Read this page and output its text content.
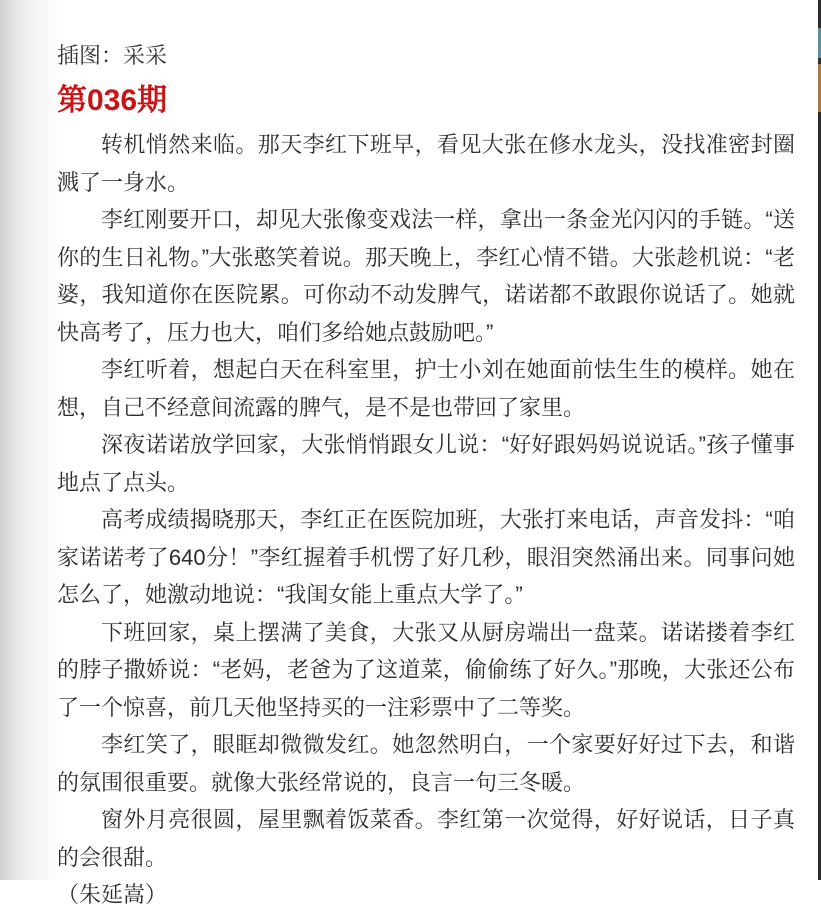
插图：采采

第036期

转机悄然来临。那天李红下班早，看见大张在修水龙头，没找准密封圈溅了一身水。

李红刚要开口，却见大张像变戏法一样，拿出一条金光闪闪的手链。“送你的生日礼物。”大张憨笑着说。那天晚上，李红心情不错。大张趁机说：“老婆，我知道你在医院累。可你动不动发脾气，诺诺都不敢跟你说话了。她就快高考了，压力也大，咱们多给她点鼓励吧。”

李红听着，想起白天在科室里，护士小刘在她面前怯生生的模样。她在想，自己不经意间流露的脾气，是不是也带回了家里。

深夜诺诺放学回家，大张悄悄跟女儿说：“好好跟妈妈说说话。”孩子懂事地点了点头。

高考成绩揭晓那天，李红正在医院加班，大张打来电话，声音发抖：“咱家诺诺考了640分！”李红握着手机愣了好几秒，眼泪突然涌出来。同事问她怎么了，她激动地说：“我闺女能上重点大学了。”

下班回家，桌上摆满了美食，大张又从厨房端出一盘菜。诺诺搂着李红的脖子撒娇说：“老妈，老爸为了这道菜，偷偷练了好久。”那晚，大张还公布了一个惊喜，前几天他坚持买的一注彩票中了二等奖。

李红笑了，眼眶却微微发红。她忽然明白，一个家要好好过下去，和谐的氛围很重要。就像大张经常说的，良言一句三冬暖。

窗外月亮很圆，屋里飘着饭菜香。李红第一次觉得，好好说话，日子真的会很甜。

（朱延嵩）
